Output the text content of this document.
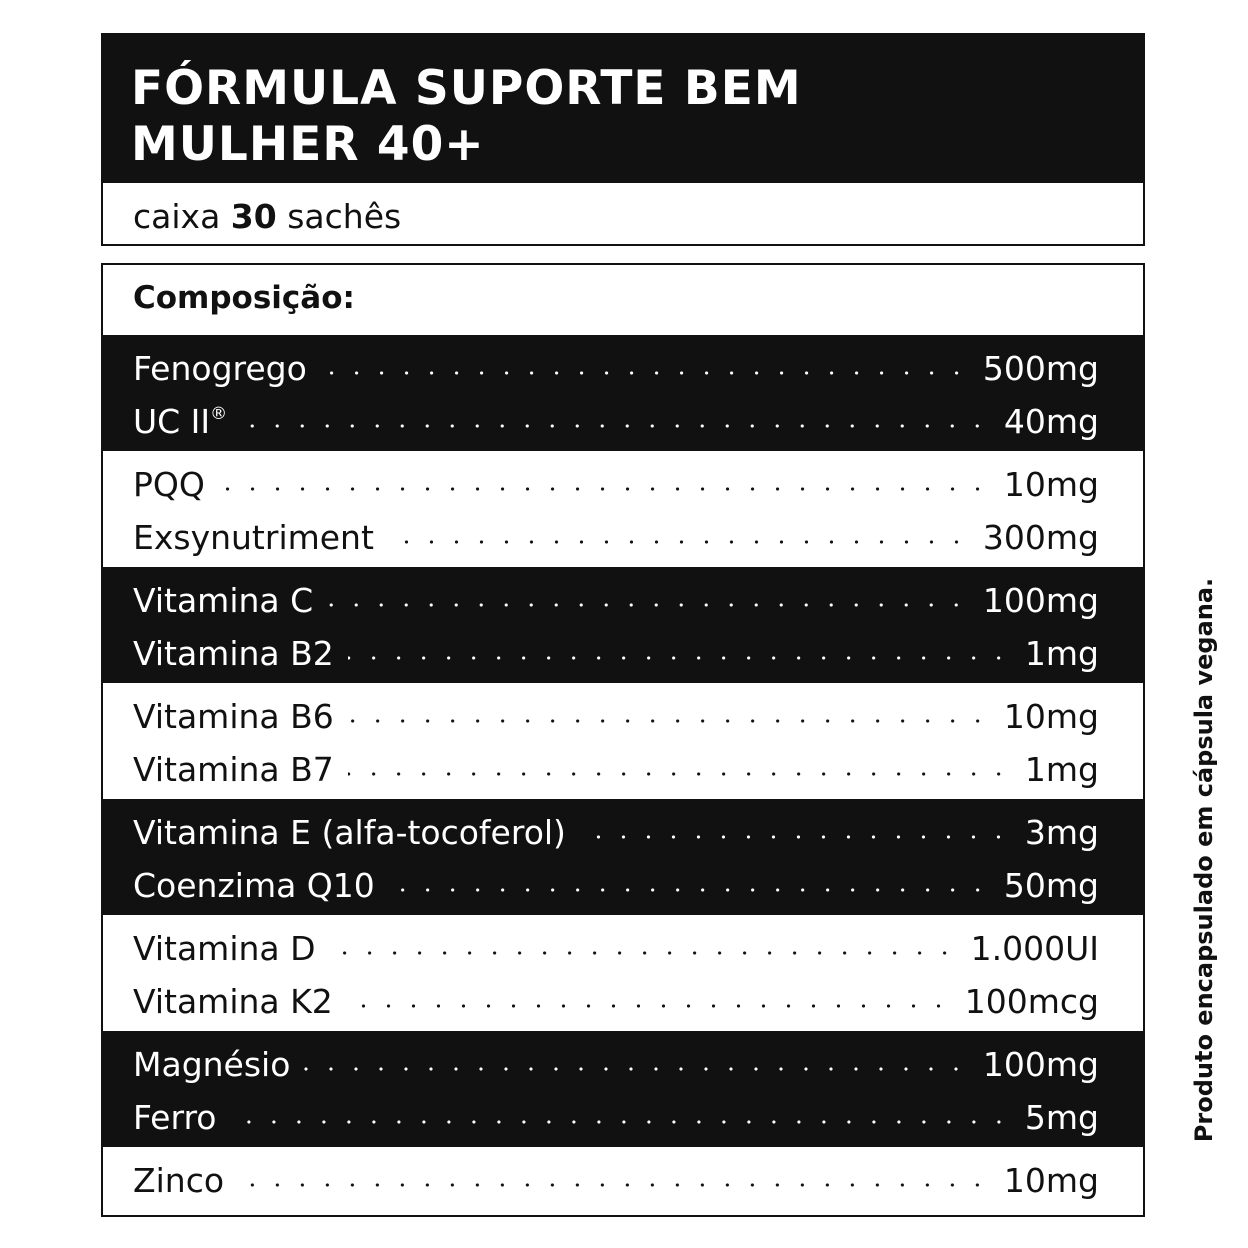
FÓRMULA SUPORTE BEM
MULHER 40+
caixa 30 sachês
Composição:
Fenogrego	500mg
UC II®	40mg
PQQ	10mg
Exsynutriment	300mg
Vitamina C	100mg
Vitamina B2	1mg
Vitamina B6	10mg
Vitamina B7	1mg
Vitamina E (alfa-tocoferol)	3mg
Coenzima Q10	50mg
Vitamina D	1.000UI
Vitamina K2	100mcg
Magnésio	100mg
Ferro	5mg
Zinco	10mg
Produto encapsulado em cápsula vegana.
